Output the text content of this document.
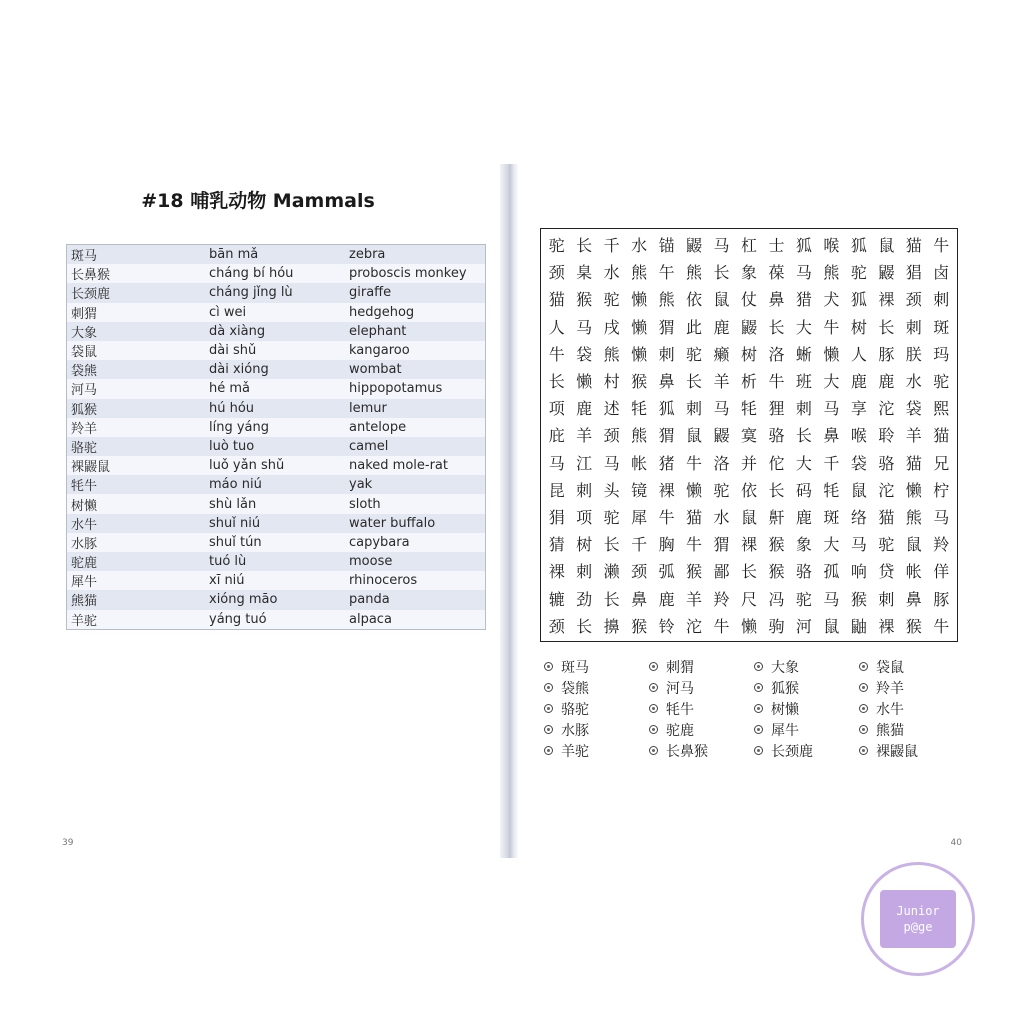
#18 哺乳动物 Mammals
斑马	bān mǎ	zebra
长鼻猴	cháng bí hóu	proboscis monkey
长颈鹿	cháng jǐng lù	giraffe
刺猬	cì wei	hedgehog
大象	dà xiàng	elephant
袋鼠	dài shǔ	kangaroo
袋熊	dài xióng	wombat
河马	hé mǎ	hippopotamus
狐猴	hú hóu	lemur
羚羊	líng yáng	antelope
骆驼	luò tuo	camel
裸鼹鼠	luǒ yǎn shǔ	naked mole-rat
牦牛	máo niú	yak
树懒	shù lǎn	sloth
水牛	shuǐ niú	water buffalo
水豚	shuǐ tún	capybara
驼鹿	tuó lù	moose
犀牛	xī niú	rhinoceros
熊猫	xióng māo	panda
羊驼	yáng tuó	alpaca
39
驼 长 千 水 锚 鼹 马 杠 士 狐 喉 狐 鼠 猫 牛
颈 臬 水 熊 午 熊 长 象 葆 马 熊 驼 鼹 猖 卤
猫 猴 驼 懒 熊 依 鼠 仗 鼻 猎 犬 狐 裸 颈 刺
人 马 戌 懒 猬 此 鹿 鼹 长 大 牛 树 长 刺 斑
牛 袋 熊 懒 刺 驼 癞 树 洛 蜥 懒 人 豚 朕 玛
长 懒 村 猴 鼻 长 羊 析 牛 班 大 鹿 鹿 水 驼
项 鹿 述 牦 狐 刺 马 牦 狸 刺 马 享 沱 袋 熙
庇 羊 颈 熊 猬 鼠 鼹 寞 骆 长 鼻 喉 聆 羊 猫
马 江 马 帐 猪 牛 洛 并 佗 大 千 袋 骆 猫 兄
昆 刺 头 镜 裸 懒 驼 依 长 码 牦 鼠 沱 懒 柠
狷 项 驼 犀 牛 猫 水 鼠 鼾 鹿 斑 络 猫 熊 马
猜 树 长 千 胸 牛 猬 裸 猴 象 大 马 驼 鼠 羚
裸 刺 濑 颈 弧 猴 鄙 长 猴 骆 孤 响 贷 帐 佯
辘 劲 长 鼻 鹿 羊 羚 尺 冯 驼 马 猴 刺 鼻 豚
颈 长 擤 猴 铃 沱 牛 懒 驹 河 鼠 鼬 裸 猴 牛
斑马	刺猬	大象	袋鼠
袋熊	河马	狐猴	羚羊
骆驼	牦牛	树懒	水牛
水豚	驼鹿	犀牛	熊猫
羊驼	长鼻猴	长颈鹿	裸鼹鼠
40
Junior
p@ge
